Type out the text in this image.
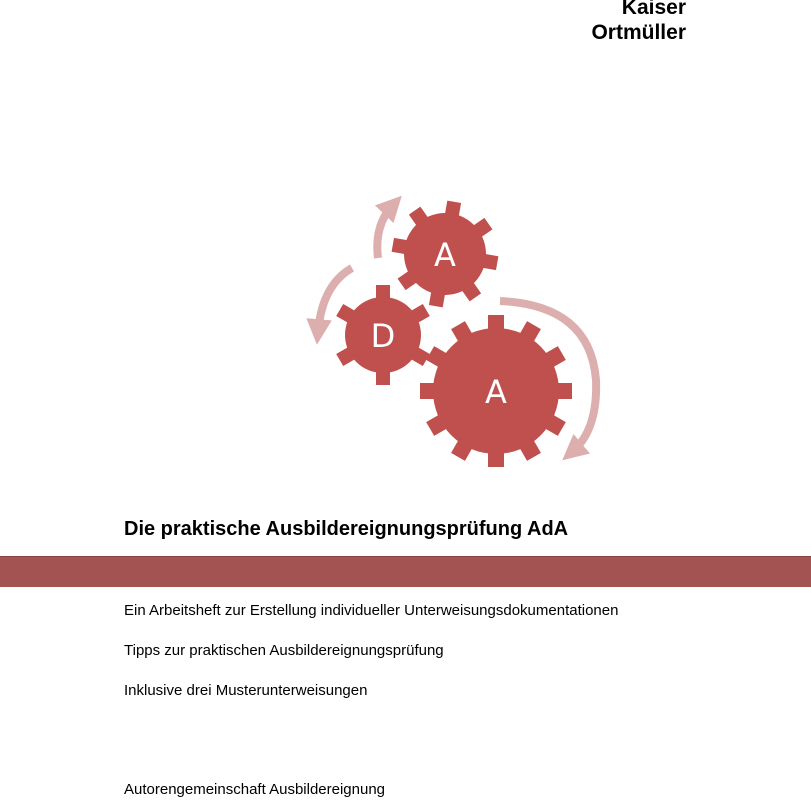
Kaiser
Ortmüller
A
D
A
Die praktische Ausbildereignungsprüfung AdA
Ein Arbeitsheft zur Erstellung individueller Unterweisungsdokumentationen
Tipps zur praktischen Ausbildereignungsprüfung
Inklusive drei Musterunterweisungen
Autorengemeinschaft Ausbildereignung
